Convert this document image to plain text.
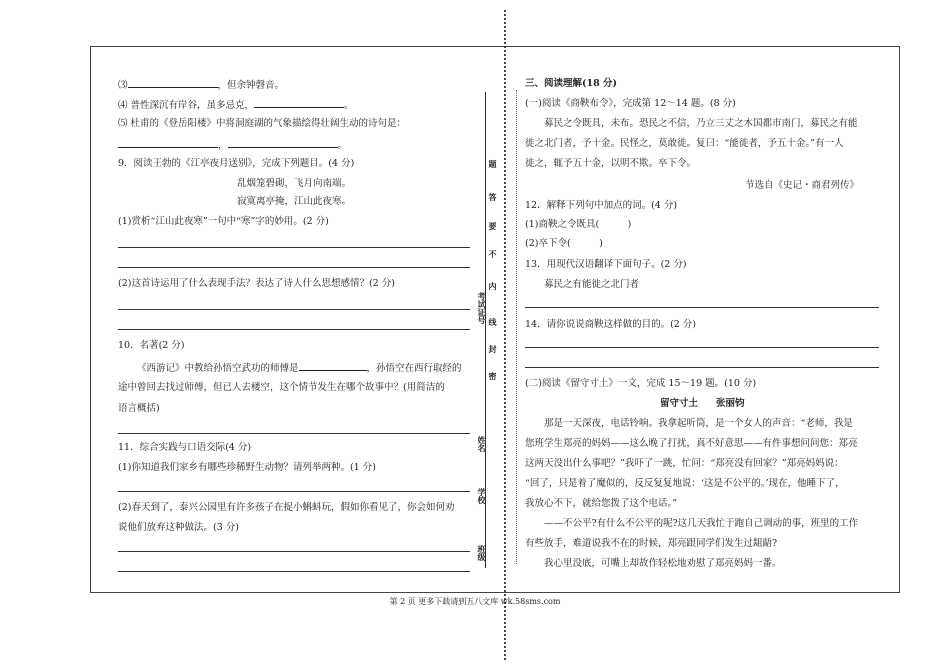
⑶	，但余钟磬音。
⑷ 普性深沉有岸谷，虽多忌克，	。
⑸ 杜甫的《登岳阳楼》中将洞庭湖的气象描绘得壮阔生动的诗句是：
，	。
9．阅读王勃的《江亭夜月送别》，完成下列题目。(4 分)
乱烟笼碧砌，飞月向南端。
寂寞离亭掩，江山此夜寒。
(1)赏析“江山此夜寒”一句中“寒”字的妙用。(2 分)
(2)这首诗运用了什么表现手法？表达了诗人什么思想感情？(2 分)
10．名著(2 分)
《西游记》中教给孙悟空武功的师傅是	，孙悟空在西行取经的
途中曾回去找过师傅，但已人去楼空，这个情节发生在哪个故事中？(用简洁的
语言概括)
11．综合实践与口语交际(4 分)
(1)你知道我们家乡有哪些珍稀野生动物？请列举两种。(1 分)
(2)春天到了，泰兴公园里有许多孩子在捉小蝌蚪玩，假如你看见了，你会如何劝
说他们放弃这种做法。(3 分)
题
答
要
不
内
线
封
密
考试证号
姓名
学校
班级
三、阅读理解(18 分)
(一)阅读《商鞅布令》，完成第 12～14 题。(8 分)
募民之令既具，未布。恐民之不信，乃立三丈之木国都市南门，募民之有能
徙之北门者，予十金。民怪之，莫敢徙。复曰：“能徙者，予五十金。”有一人
徙之，辄予五十金，以明不欺。卒下令。
节选自《史记・商君列传》
12．解释下列句中加点的词。(4 分)
(1)商鞅之令既具(　　　)
(2)卒下令(　　　)
13．用现代汉语翻译下面句子。(2 分)
募民之有能徙之北门者
14．请你说说商鞅这样做的目的。(2 分)
(二)阅读《留守寸土》一文，完成 15～19 题。(10 分)
留守寸土 张丽钧
那是一天深夜，电话铃响。我拿起听筒，是一个女人的声音：“老师，我是
您班学生郑亮的妈妈——这么晚了打扰，真不好意思——有件事想问问您：郑亮
这两天没出什么事吧？”我吓了一跳，忙问：“郑亮没有回家？”郑亮妈妈说：
“回了，只是着了魔似的，反反复复地说：‘这是不公平的。’现在，他睡下了，
我放心不下，就给您拨了这个电话。”
——不公平?有什么不公平的呢?这几天我忙于跑自己调动的事，班里的工作
有些放手，难道说我不在的时候，郑亮跟同学们发生过龃龉?
我心里没底，可嘴上却故作轻松地劝慰了郑亮妈妈一番。
第 2 页 更多下载请到五八文库 wk.58sms.com
